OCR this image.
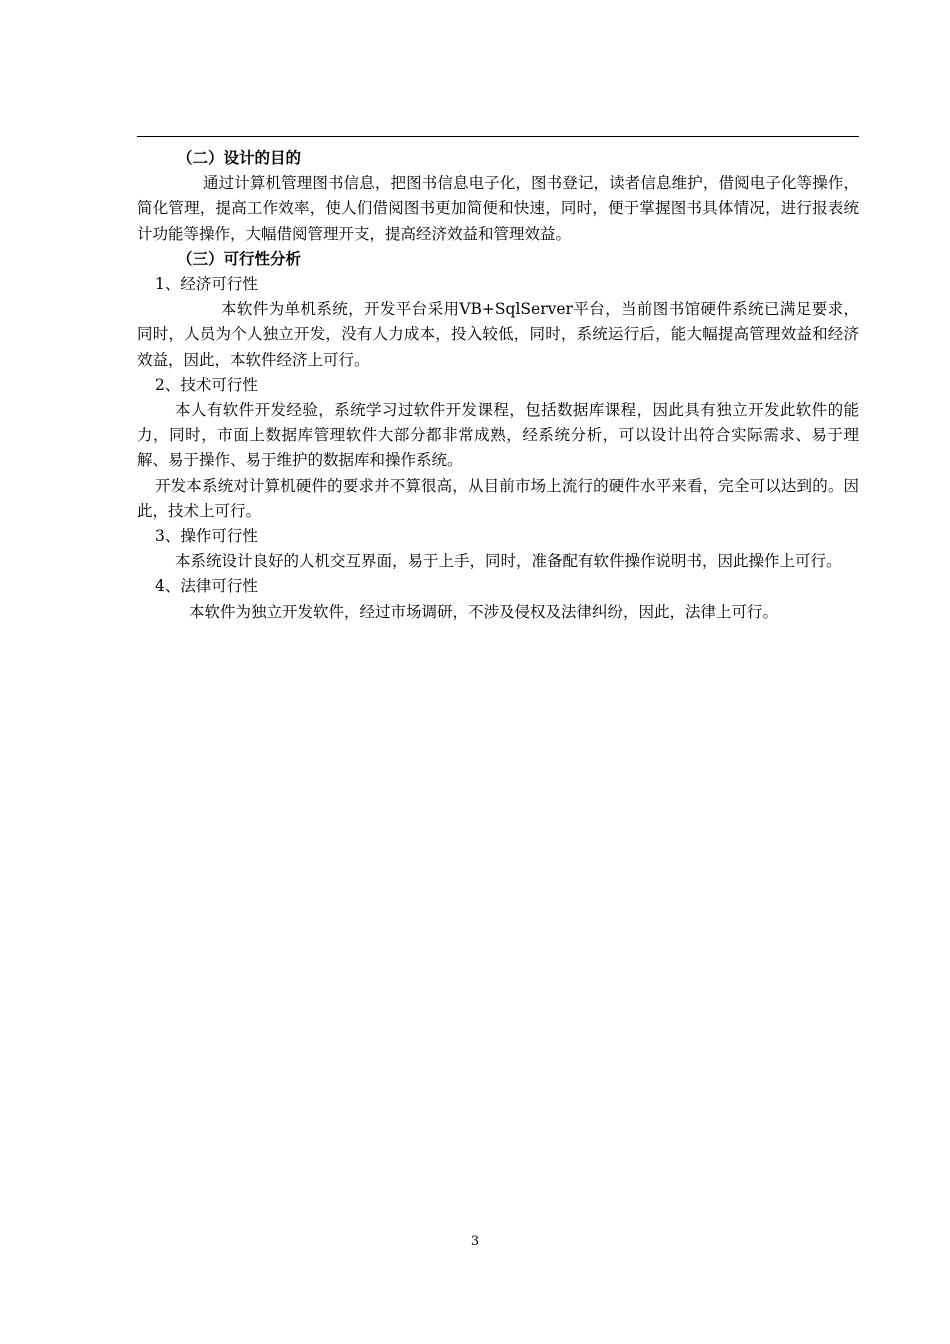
（二）设计的目的

通过计算机管理图书信息，把图书信息电子化，图书登记，读者信息维护，借阅电子化等操作，简化管理，提高工作效率，使人们借阅图书更加简便和快速，同时，便于掌握图书具体情况，进行报表统计功能等操作，大幅借阅管理开支，提高经济效益和管理效益。

（三）可行性分析

1、经济可行性

本软件为单机系统，开发平台采用VB+SqlServer平台，当前图书馆硬件系统已满足要求，同时，人员为个人独立开发，没有人力成本，投入较低，同时，系统运行后，能大幅提高管理效益和经济效益，因此，本软件经济上可行。

2、技术可行性

本人有软件开发经验，系统学习过软件开发课程，包括数据库课程，因此具有独立开发此软件的能力，同时，市面上数据库管理软件大部分都非常成熟，经系统分析，可以设计出符合实际需求、易于理解、易于操作、易于维护的数据库和操作系统。

开发本系统对计算机硬件的要求并不算很高，从目前市场上流行的硬件水平来看，完全可以达到的。因此，技术上可行。

3、操作可行性

本系统设计良好的人机交互界面，易于上手，同时，准备配有软件操作说明书，因此操作上可行。

4、法律可行性

本软件为独立开发软件，经过市场调研，不涉及侵权及法律纠纷，因此，法律上可行。

3
